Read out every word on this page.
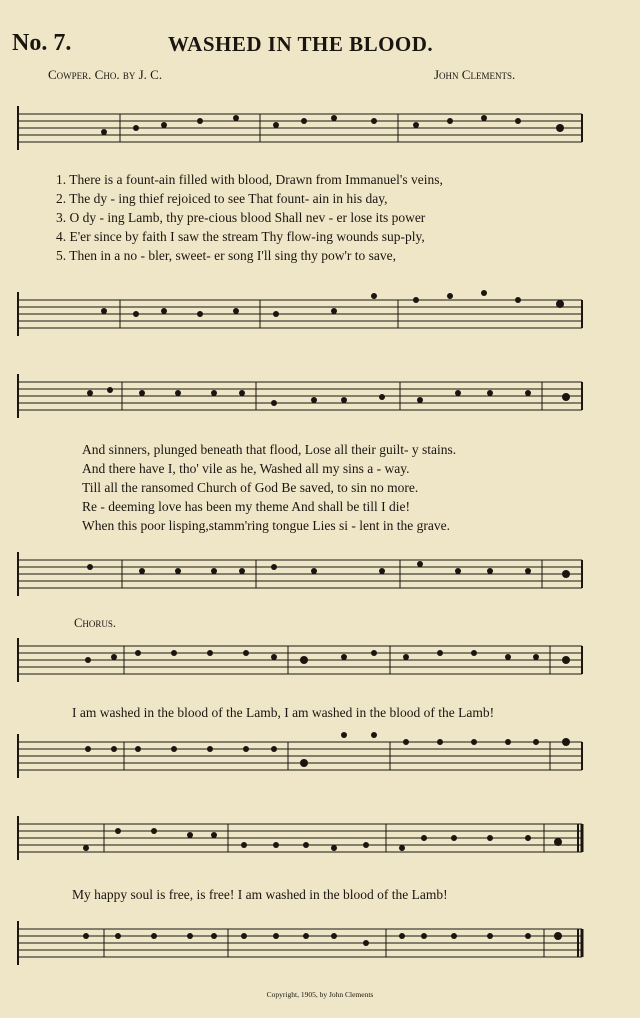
No. 7.	WASHED IN THE BLOOD.
Cowper. Cho. by J. C.	John Clements.
1. There is a fount-ain filled with blood, Drawn from Immanuel's veins,
2. The dy - ing thief rejoiced to see That fount- ain in his day,
3. O dy - ing Lamb, thy pre-cious blood Shall nev - er lose its power
4. E'er since by faith I saw the stream Thy flow-ing wounds sup-ply,
5. Then in a no - bler, sweet- er song I'll sing thy pow'r to save,
And sinners, plunged beneath that flood, Lose all their guilt- y stains.
And there have I, tho' vile as he, Washed all my sins a - way.
Till all the ransomed Church of God Be saved, to sin no more.
Re - deeming love has been my theme And shall be till I die!
When this poor lisping,stamm'ring tongue Lies si - lent in the grave.
Chorus.
I am washed in the blood of the Lamb, I am washed in the blood of the Lamb!
My happy soul is free, is free! I am washed in the blood of the Lamb!
Copyright, 1905, by John Clements
